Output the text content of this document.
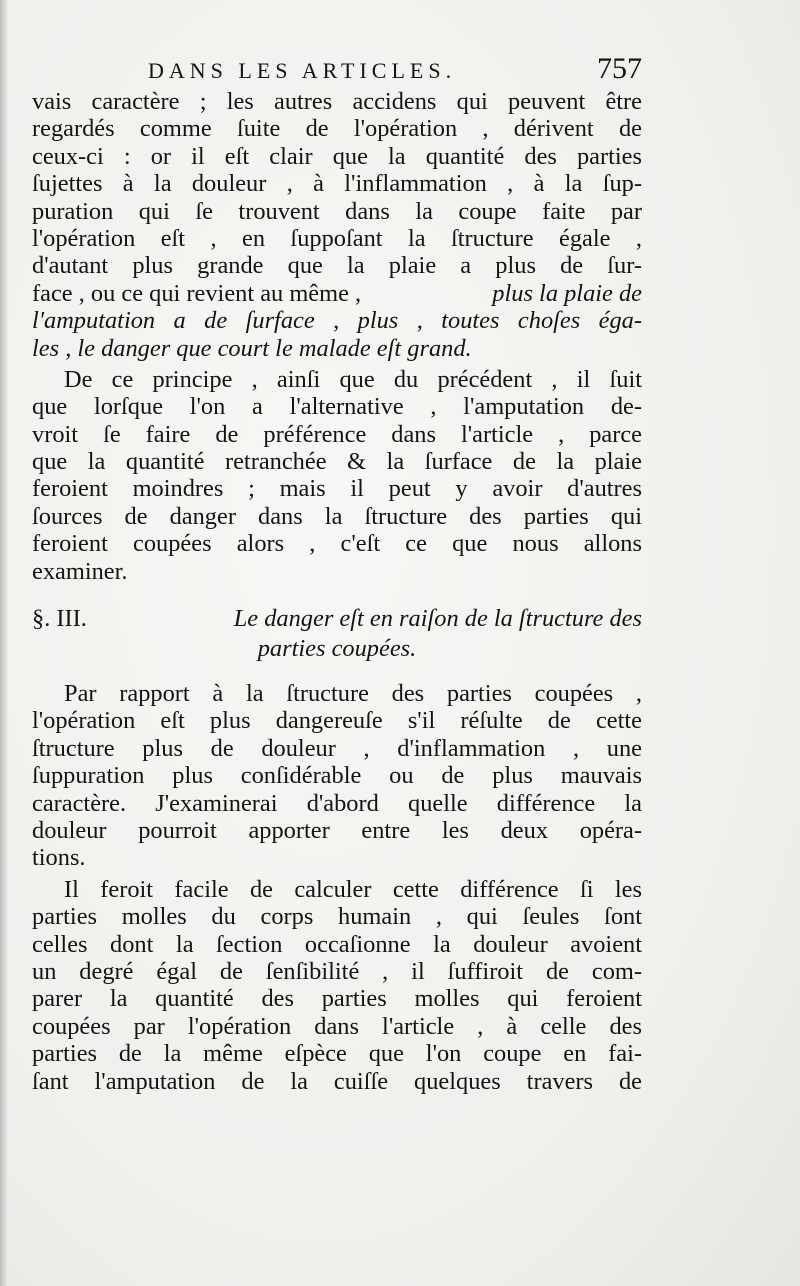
DANS LES ARTICLES.	757
vais caractère ; les autres accidens qui peuvent être
regardés comme ſuite de l'opération , dérivent de
ceux-ci : or il eſt clair que la quantité des parties
ſujettes à la douleur , à l'inflammation , à la ſup-
puration qui ſe trouvent dans la coupe faite par
l'opération eſt , en ſuppoſant la ſtructure égale ,
d'autant plus grande que la plaie a plus de ſur-
face , ou ce qui revient au même ,	plus la plaie de
l'amputation a de ſurface , plus , toutes choſes éga-
les , le danger que court le malade eſt grand.
De ce principe , ainſi que du précédent , il ſuit
que lorſque l'on a l'alternative , l'amputation de-
vroit ſe faire de préférence dans l'article , parce
que la quantité retranchée & la ſurface de la plaie
feroient moindres ; mais il peut y avoir d'autres
ſources de danger dans la ſtructure des parties qui
feroient coupées alors , c'eſt ce que nous allons
examiner.
§. III.	Le danger eſt en raiſon de la ſtructure des
parties coupées.
Par rapport à la ſtructure des parties coupées ,
l'opération eſt plus dangereuſe s'il réſulte de cette
ſtructure plus de douleur , d'inflammation , une
ſuppuration plus conſidérable ou de plus mauvais
caractère. J'examinerai d'abord quelle différence la
douleur pourroit apporter entre les deux opéra-
tions.
Il feroit facile de calculer cette différence ſi les
parties molles du corps humain , qui ſeules ſont
celles dont la ſection occaſionne la douleur avoient
un degré égal de ſenſibilité , il ſuffiroit de com-
parer la quantité des parties molles qui feroient
coupées par l'opération dans l'article , à celle des
parties de la même eſpèce que l'on coupe en fai-
ſant l'amputation de la cuiſſe quelques travers de
